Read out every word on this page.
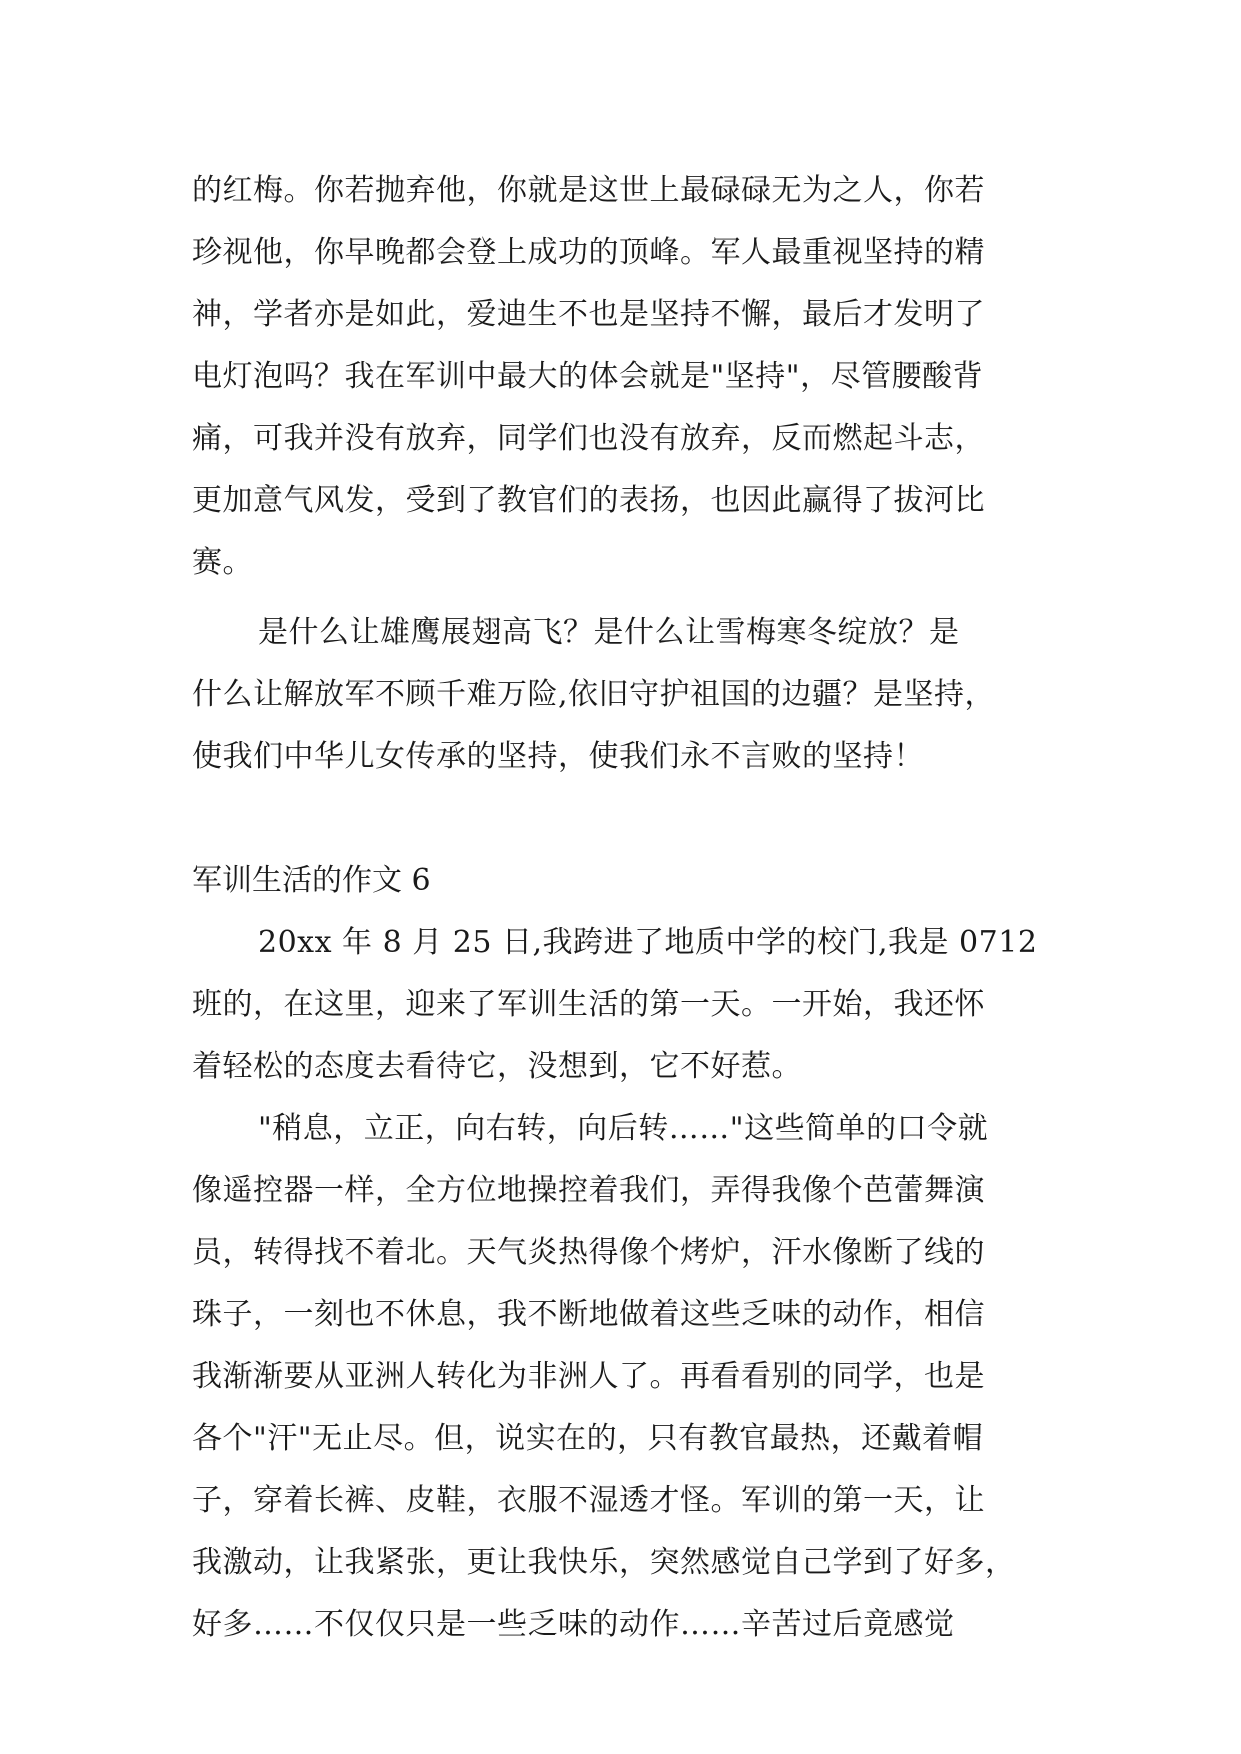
的红梅。你若抛弃他，你就是这世上最碌碌无为之人，你若
珍视他，你早晚都会登上成功的顶峰。军人最重视坚持的精
神，学者亦是如此，爱迪生不也是坚持不懈，最后才发明了
电灯泡吗？我在军训中最大的体会就是"坚持"，尽管腰酸背
痛，可我并没有放弃，同学们也没有放弃，反而燃起斗志，
更加意气风发，受到了教官们的表扬，也因此赢得了拔河比
赛。
是什么让雄鹰展翅高飞？是什么让雪梅寒冬绽放？是
什么让解放军不顾千难万险,依旧守护祖国的边疆？是坚持，
使我们中华儿女传承的坚持，使我们永不言败的坚持！
军训生活的作文 6
20xx 年 8 月 25 日,我跨进了地质中学的校门,我是 0712
班的，在这里，迎来了军训生活的第一天。一开始，我还怀
着轻松的态度去看待它，没想到，它不好惹。
"稍息，立正，向右转，向后转……"这些简单的口令就
像遥控器一样，全方位地操控着我们，弄得我像个芭蕾舞演
员，转得找不着北。天气炎热得像个烤炉，汗水像断了线的
珠子，一刻也不休息，我不断地做着这些乏味的动作，相信
我渐渐要从亚洲人转化为非洲人了。再看看别的同学，也是
各个"汗"无止尽。但，说实在的，只有教官最热，还戴着帽
子，穿着长裤、皮鞋，衣服不湿透才怪。军训的第一天，让
我激动，让我紧张，更让我快乐，突然感觉自己学到了好多，
好多……不仅仅只是一些乏味的动作……辛苦过后竟感觉
